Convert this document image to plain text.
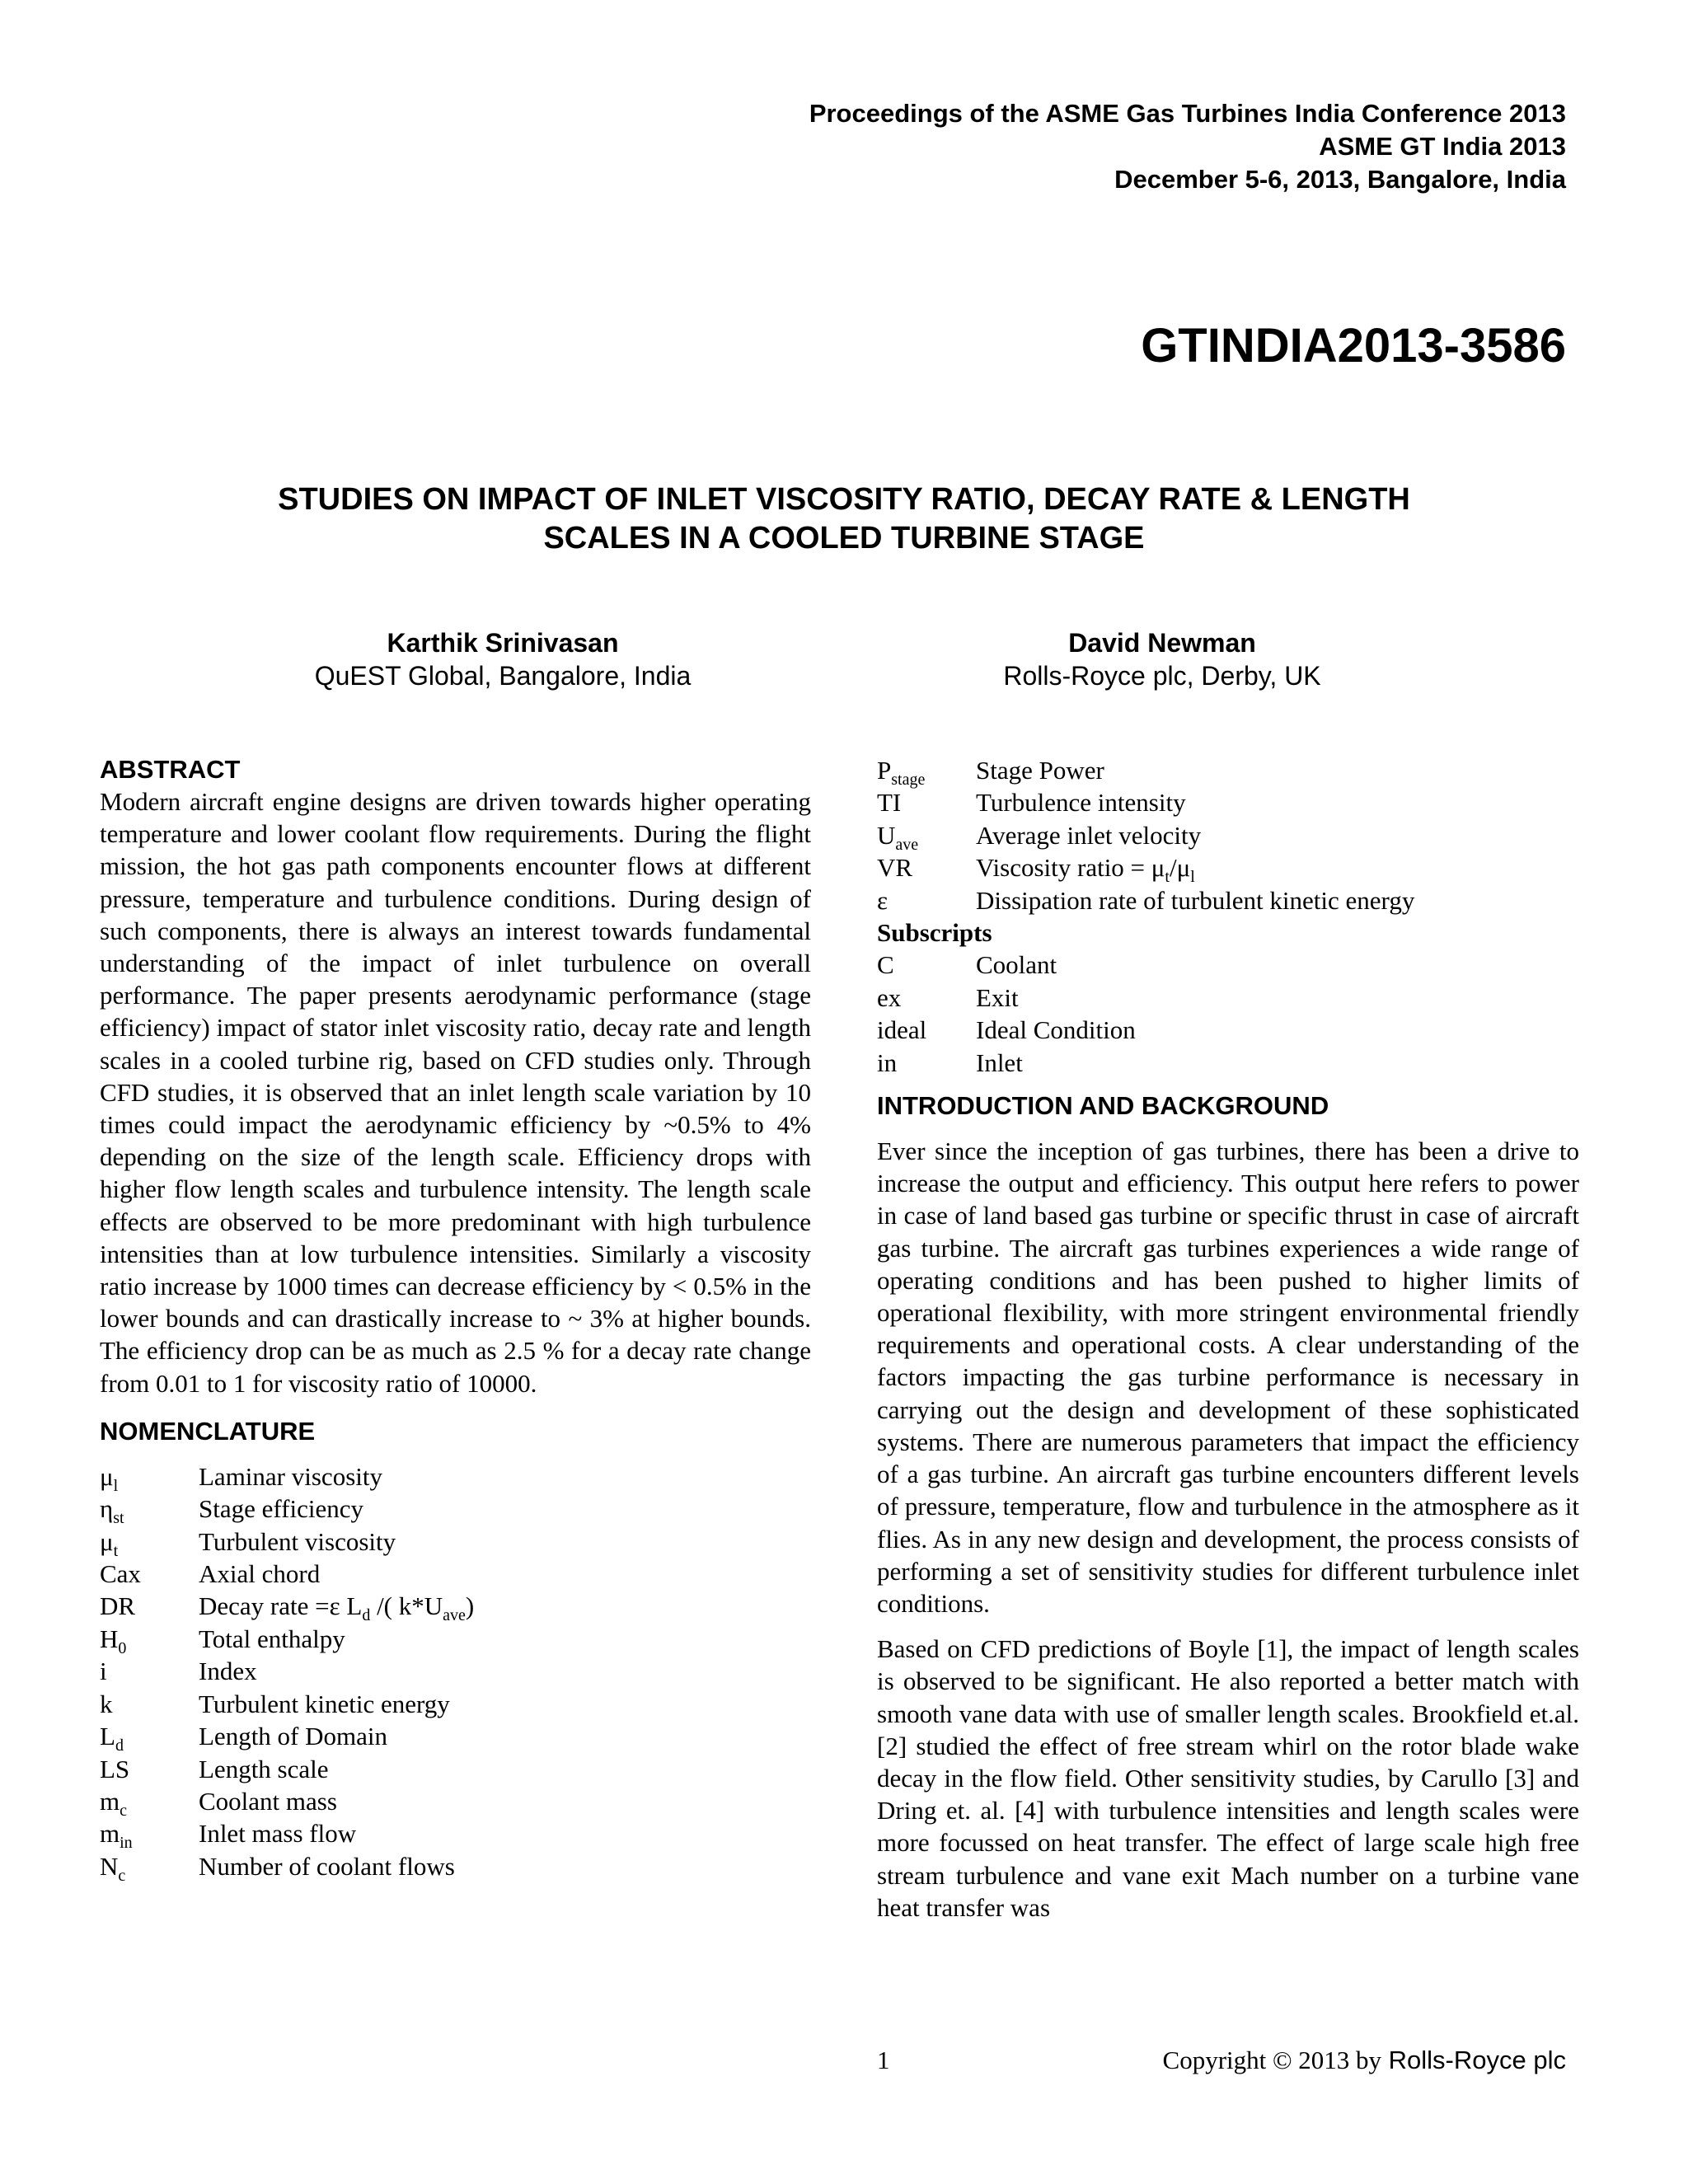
Proceedings of the ASME Gas Turbines India Conference 2013
ASME GT India 2013
December 5-6, 2013, Bangalore, India
GTINDIA2013-3586
STUDIES ON IMPACT OF INLET VISCOSITY RATIO, DECAY RATE & LENGTH
SCALES IN A COOLED TURBINE STAGE
Karthik Srinivasan
QuEST Global, Bangalore, India
David Newman
Rolls-Royce plc, Derby, UK
ABSTRACT

Modern aircraft engine designs are driven towards higher operating temperature and lower coolant flow requirements. During the flight mission, the hot gas path components encounter flows at different pressure, temperature and turbulence conditions. During design of such components, there is always an interest towards fundamental understanding of the impact of inlet turbulence on overall performance. The paper presents aerodynamic performance (stage efficiency) impact of stator inlet viscosity ratio, decay rate and length scales in a cooled turbine rig, based on CFD studies only. Through CFD studies, it is observed that an inlet length scale variation by 10 times could impact the aerodynamic efficiency by ~0.5% to 4% depending on the size of the length scale. Efficiency drops with higher flow length scales and turbulence intensity. The length scale effects are observed to be more predominant with high turbulence intensities than at low turbulence intensities. Similarly a viscosity ratio increase by 1000 times can decrease efficiency by < 0.5% in the lower bounds and can drastically increase to ~ 3% at higher bounds. The efficiency drop can be as much as 2.5 % for a decay rate change from 0.01 to 1 for viscosity ratio of 10000.

NOMENCLATURE
$\mu_l$	Laminar viscosity
$\eta_{st}$	Stage efficiency
$\mu_t$	Turbulent viscosity
Cax	Axial chord
DR	Decay rate =ε $L_d$ /( $k*U_{ave}$)
$H_0$	Total enthalpy
i	Index
k	Turbulent kinetic energy
$L_d$	Length of Domain
LS	Length scale
$m_c$	Coolant mass
$m_{in}$	Inlet mass flow
$N_c$	Number of coolant flows
$P_{stage}$	Stage Power
TI	Turbulence intensity
$U_{ave}$	Average inlet velocity
VR	Viscosity ratio = $\mu_t/\mu_l$
ε	Dissipation rate of turbulent kinetic energy
Subscripts
C	Coolant
ex	Exit
ideal	Ideal Condition
in	Inlet
INTRODUCTION AND BACKGROUND

Ever since the inception of gas turbines, there has been a drive to increase the output and efficiency. This output here refers to power in case of land based gas turbine or specific thrust in case of aircraft gas turbine. The aircraft gas turbines experiences a wide range of operating conditions and has been pushed to higher limits of operational flexibility, with more stringent environmental friendly requirements and operational costs. A clear understanding of the factors impacting the gas turbine performance is necessary in carrying out the design and development of these sophisticated systems. There are numerous parameters that impact the efficiency of a gas turbine. An aircraft gas turbine encounters different levels of pressure, temperature, flow and turbulence in the atmosphere as it flies. As in any new design and development, the process consists of performing a set of sensitivity studies for different turbulence inlet conditions.

Based on CFD predictions of Boyle [1], the impact of length scales is observed to be significant. He also reported a better match with smooth vane data with use of smaller length scales. Brookfield et.al. [2] studied the effect of free stream whirl on the rotor blade wake decay in the flow field. Other sensitivity studies, by Carullo [3] and Dring et. al. [4] with turbulence intensities and length scales were more focussed on heat transfer. The effect of large scale high free stream turbulence and vane exit Mach number on a turbine vane heat transfer was

1	Copyright © 2013 by Rolls-Royce plc
